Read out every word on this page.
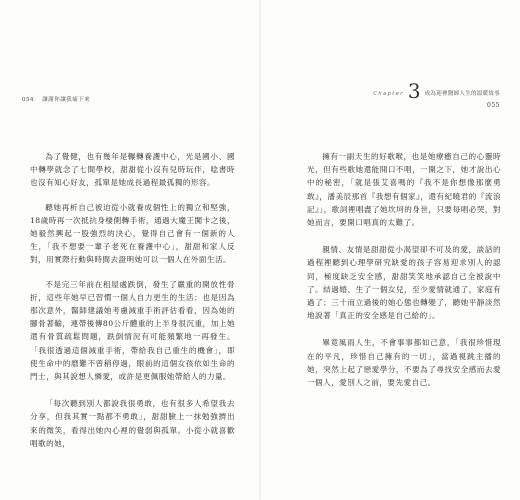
054 讓謝你讓我痛下來

為了覺健，也有幾年是輾轉養護中心，光是國小、國中轉學就念了七間學校，甜甜從小沒有兒時玩伴，唸書時也沒有知心好友，孤單是她成長過程最孤獨的形容。

聽她再析自己被迫從小就養成個性上的獨立和堅強，18歲時再一次抵抗身棲側轉手術，通過大魔王闖卡之後，她毅然興起一股強烈的決心，覺得自己會有一個新的人生，「我不想要一輩子老死在養護中心」，甜甜和家人反對，用實際行動與時間去證明她可以一個人在外面生活。

不是完三年前在租屋處跌倒，發生了嚴重的開放性骨折，這些年她早已習慣一個人自力更生的生活；也是因為那次意外，醫師建議她考慮減重手術評估看看，因為她的腳骨著輸，連帶後傳80公斤體重的上半身很沉重，加上她還有骨質疏鬆問題，跌倒情況有可能頻繁地一再發生。「我很透過這個減重手術，帶給我自己重生的機會」，即使生命中的磨難不曾稍停過，眼前的這個女孩依如生命的門士，與其說想人憐愛，或許是更佩服她帶給人的力量。

「每次聽到別人都說我很勇敢，也有很多人希望我去分享，但我其實一點都不勇敢」，甜甜臉上一抹勉強擠出來的微笑，看得出她內心裡的覺弱與孤單。小從小就喜歡唱歌的她，

Chapter 3 成為迎裡醫師人生的溫暖故事
055

擁有一副天生的好歌喉，也是她療癒自己的心靈時光，但有些歌她還能開口不唱，一開之下，她才說出心中的秘密，「就是張艾喜嗎的『我不是你想像那麼勇敢』，潘美辰那首『我想有個家』，還有紀曉君的『流浪記』」，歌詞裡唱盡了她坎坷的身世，只要每唱必哭，對她而言，要開口唱真的太難了。

親情、友情是甜甜從小渴望卻不可及的愛，談話的過程裡聽到心理學研究缺愛的孩子容易迎求別人的認同，極度缺乏安全感，甜甜笑笑地承認自己全被說中了。結過婚、生了一個女兒，至少愛情就通了，家庭有過了；三十而立過後的她心態也轉變了，聽她平靜淡然地說著「真正的安全感是自己給的」。

畢竟風雨人生，不會事事都如己意，「我很珍惜現在的平凡，珍惜自己擁有的一切」，當過視跳主播的她，突然上起了戀愛學分，不要為了尋找安全感而去愛一個人，愛別人之前，要先愛自己。
